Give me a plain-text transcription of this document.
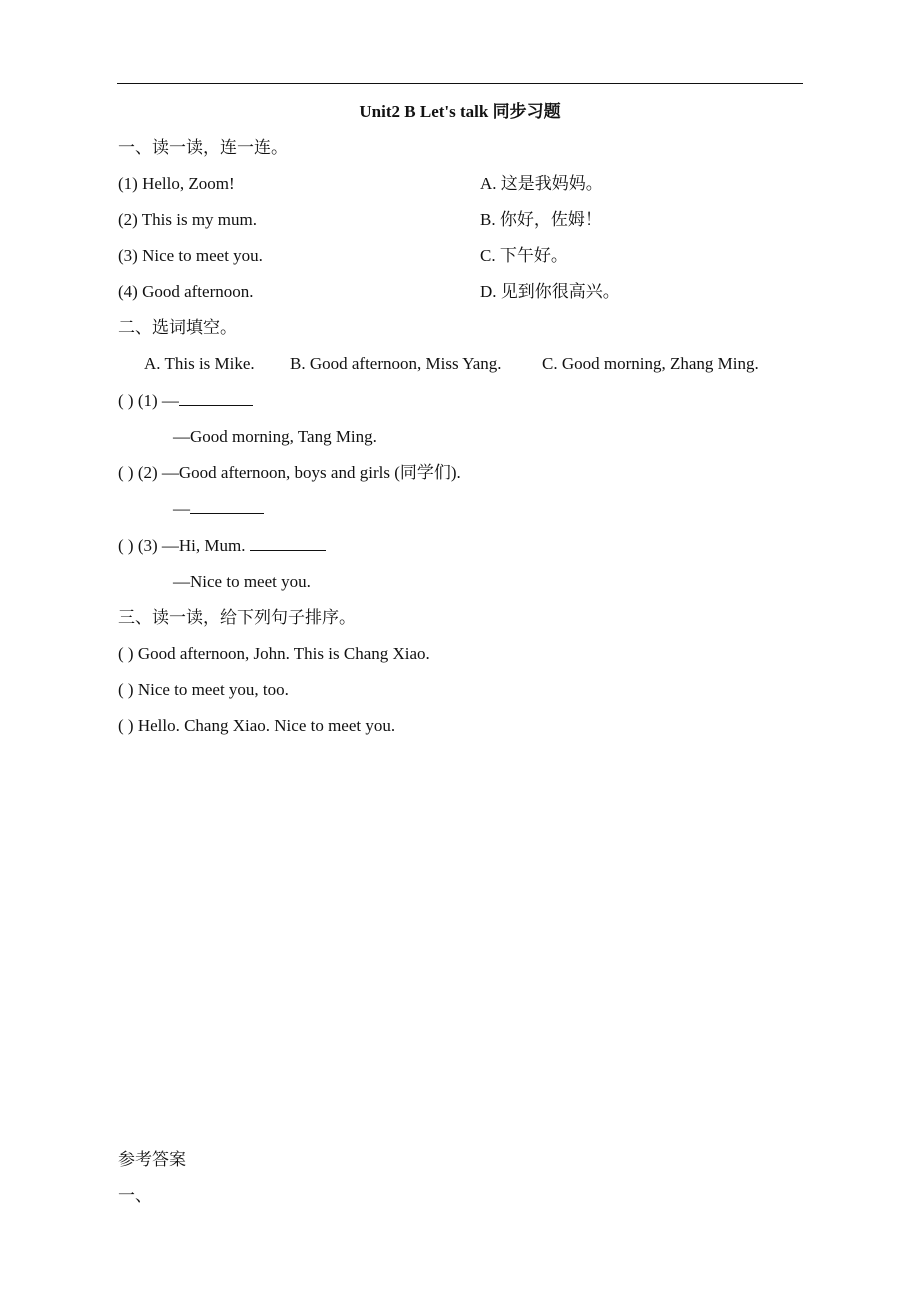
Unit2 B Let's talk 同步习题
一、读一读，连一连。
(1) Hello, Zoom!	A. 这是我妈妈。
(2) This is my mum.	B. 你好，佐姆！
(3) Nice to meet you.	C. 下午好。
(4) Good afternoon.	D. 见到你很高兴。
二、选词填空。
A. This is Mike. B. Good afternoon, Miss Yang. C. Good morning, Zhang Ming.
( ) (1) —
—Good morning, Tang Ming.
( ) (2) —Good afternoon, boys and girls (同学们).
—
( ) (3) —Hi, Mum.
—Nice to meet you.
三、读一读，给下列句子排序。
( ) Good afternoon, John. This is Chang Xiao.
( ) Nice to meet you, too.
( ) Hello. Chang Xiao. Nice to meet you.
参考答案
一、
